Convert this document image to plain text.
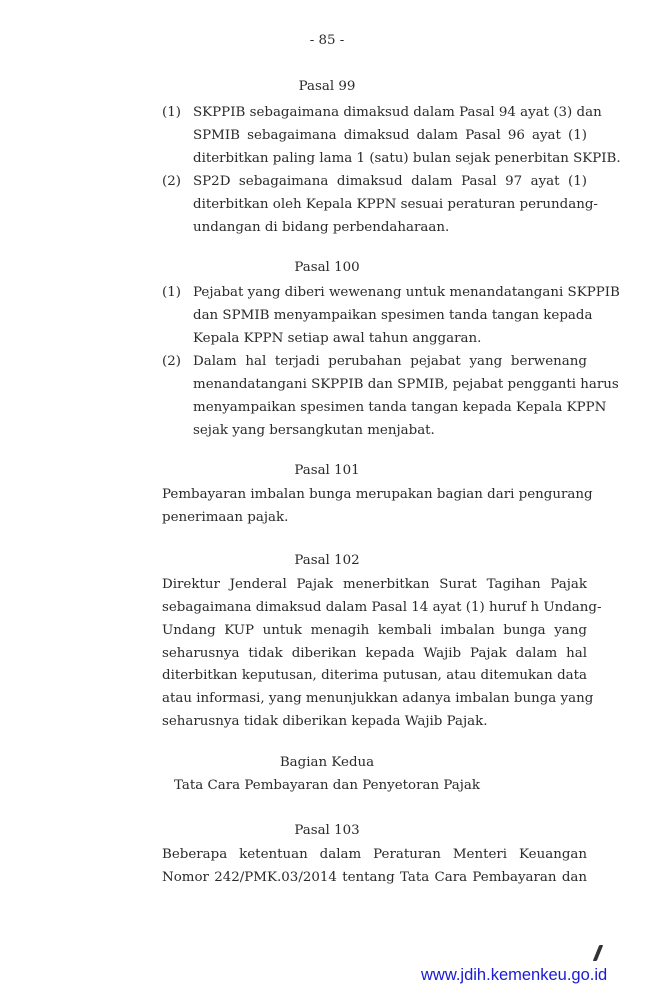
- 85 -
Pasal 99
(1) SKPPIB sebagaimana dimaksud dalam Pasal 94 ayat (3) dan
SPMIB sebagaimana dimaksud dalam Pasal 96 ayat (1)
diterbitkan paling lama 1 (satu) bulan sejak penerbitan SKPIB.
(2) SP2D sebagaimana dimaksud dalam Pasal 97 ayat (1)
diterbitkan oleh Kepala KPPN sesuai peraturan perundang-
undangan di bidang perbendaharaan.
Pasal 100
(1) Pejabat yang diberi wewenang untuk menandatangani SKPPIB
dan SPMIB menyampaikan spesimen tanda tangan kepada
Kepala KPPN setiap awal tahun anggaran.
(2) Dalam hal terjadi perubahan pejabat yang berwenang
menandatangani SKPPIB dan SPMIB, pejabat pengganti harus
menyampaikan spesimen tanda tangan kepada Kepala KPPN
sejak yang bersangkutan menjabat.
Pasal 101
Pembayaran imbalan bunga merupakan bagian dari pengurang
penerimaan pajak.
Pasal 102
Direktur Jenderal Pajak menerbitkan Surat Tagihan Pajak
sebagaimana dimaksud dalam Pasal 14 ayat (1) huruf h Undang-
Undang KUP untuk menagih kembali imbalan bunga yang
seharusnya tidak diberikan kepada Wajib Pajak dalam hal
diterbitkan keputusan, diterima putusan, atau ditemukan data
atau informasi, yang menunjukkan adanya imbalan bunga yang
seharusnya tidak diberikan kepada Wajib Pajak.
Bagian Kedua
Tata Cara Pembayaran dan Penyetoran Pajak
Pasal 103
Beberapa ketentuan dalam Peraturan Menteri Keuangan
Nomor 242/PMK.03/2014 tentang Tata Cara Pembayaran dan
www.jdih.kemenkeu.go.id
